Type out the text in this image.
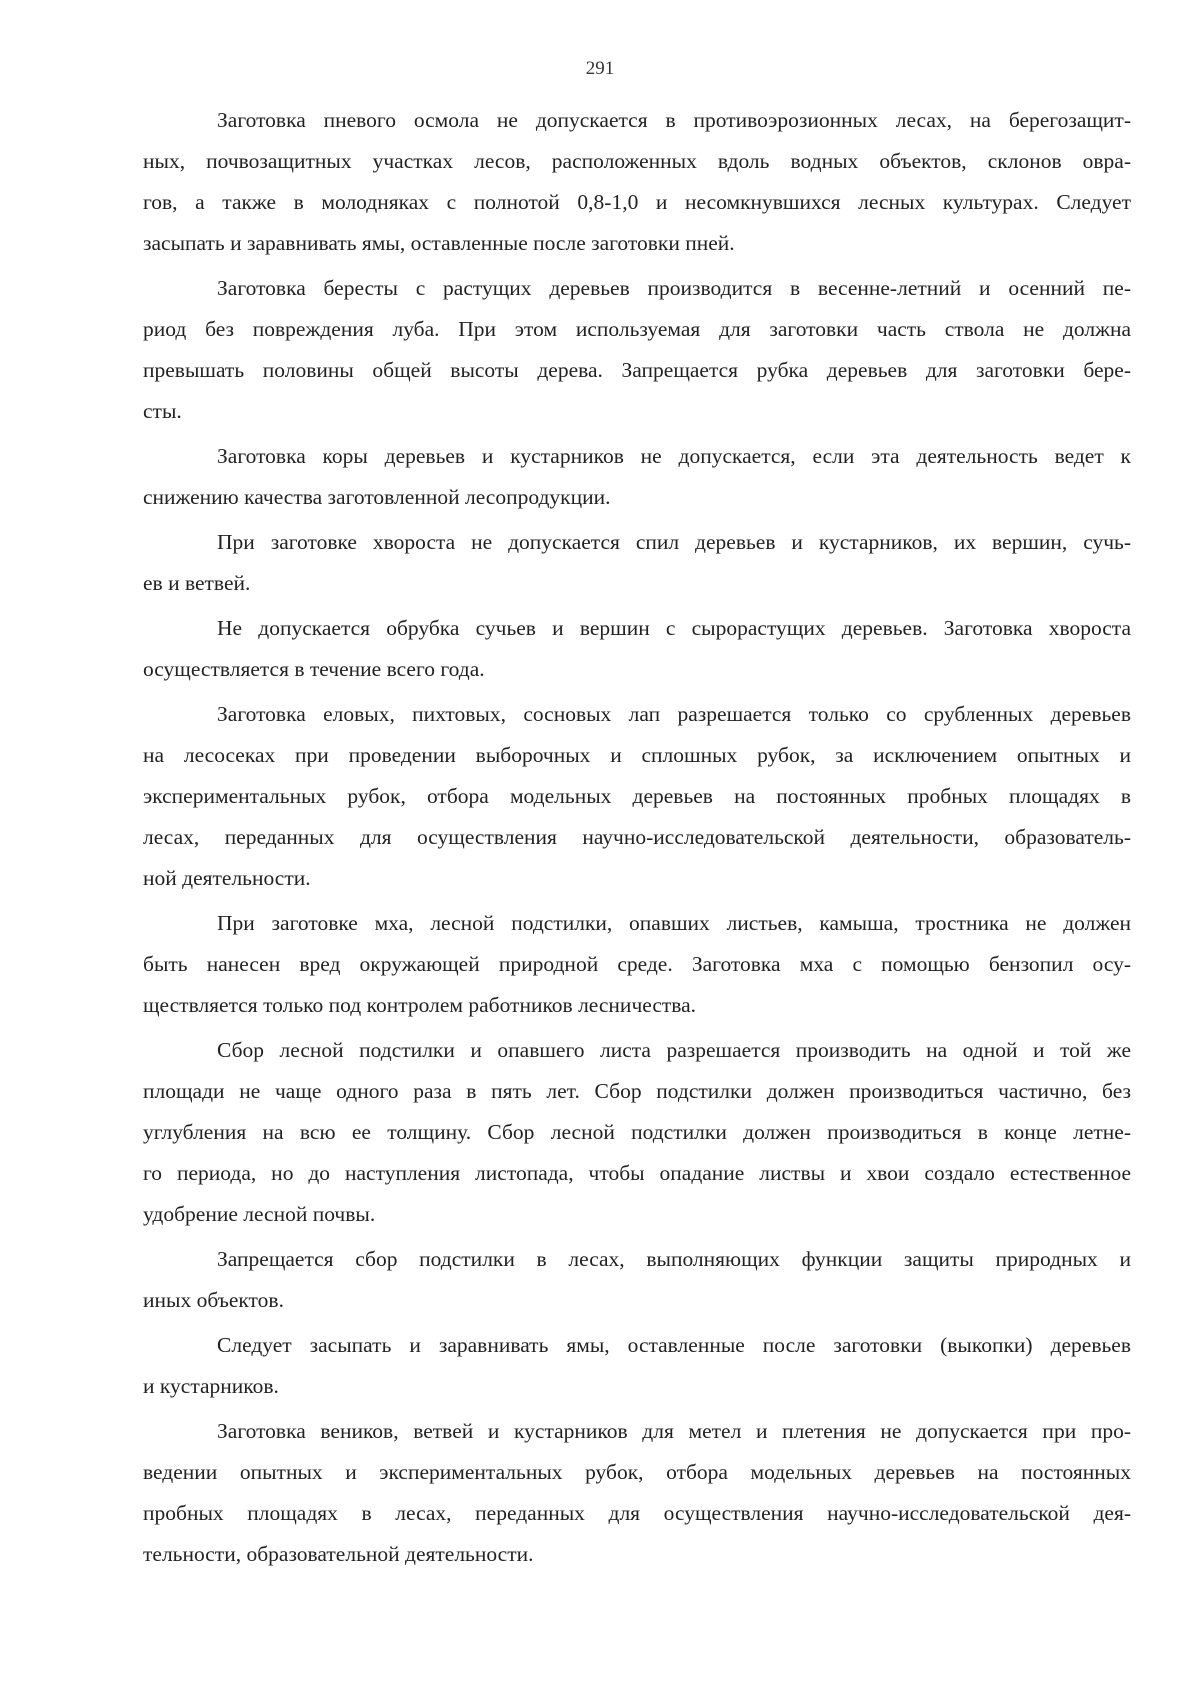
291
Заготовка пневого осмола не допускается в противоэрозионных лесах, на берегозащит-
ных, почвозащитных участках лесов, расположенных вдоль водных объектов, склонов овра-
гов, а также в молодняках с полнотой 0,8-1,0 и несомкнувшихся лесных культурах. Следует
засыпать и заравнивать ямы, оставленные после заготовки пней.
Заготовка бересты с растущих деревьев производится в весенне-летний и осенний пе-
риод без повреждения луба. При этом используемая для заготовки часть ствола не должна
превышать половины общей высоты дерева. Запрещается рубка деревьев для заготовки бере-
сты.
Заготовка коры деревьев и кустарников не допускается, если эта деятельность ведет к
снижению качества заготовленной лесопродукции.
При заготовке хвороста не допускается спил деревьев и кустарников, их вершин, сучь-
ев и ветвей.
Не допускается обрубка сучьев и вершин с сырорастущих деревьев. Заготовка хвороста
осуществляется в течение всего года.
Заготовка еловых, пихтовых, сосновых лап разрешается только со срубленных деревьев
на лесосеках при проведении выборочных и сплошных рубок, за исключением опытных и
экспериментальных рубок, отбора модельных деревьев на постоянных пробных площадях в
лесах, переданных для осуществления научно-исследовательской деятельности, образователь-
ной деятельности.
При заготовке мха, лесной подстилки, опавших листьев, камыша, тростника не должен
быть нанесен вред окружающей природной среде. Заготовка мха с помощью бензопил осу-
ществляется только под контролем работников лесничества.
Сбор лесной подстилки и опавшего листа разрешается производить на одной и той же
площади не чаще одного раза в пять лет. Сбор подстилки должен производиться частично, без
углубления на всю ее толщину. Сбор лесной подстилки должен производиться в конце летне-
го периода, но до наступления листопада, чтобы опадание листвы и хвои создало естественное
удобрение лесной почвы.
Запрещается сбор подстилки в лесах, выполняющих функции защиты природных и
иных объектов.
Следует засыпать и заравнивать ямы, оставленные после заготовки (выкопки) деревьев
и кустарников.
Заготовка веников, ветвей и кустарников для метел и плетения не допускается при про-
ведении опытных и экспериментальных рубок, отбора модельных деревьев на постоянных
пробных площадях в лесах, переданных для осуществления научно-исследовательской дея-
тельности, образовательной деятельности.
